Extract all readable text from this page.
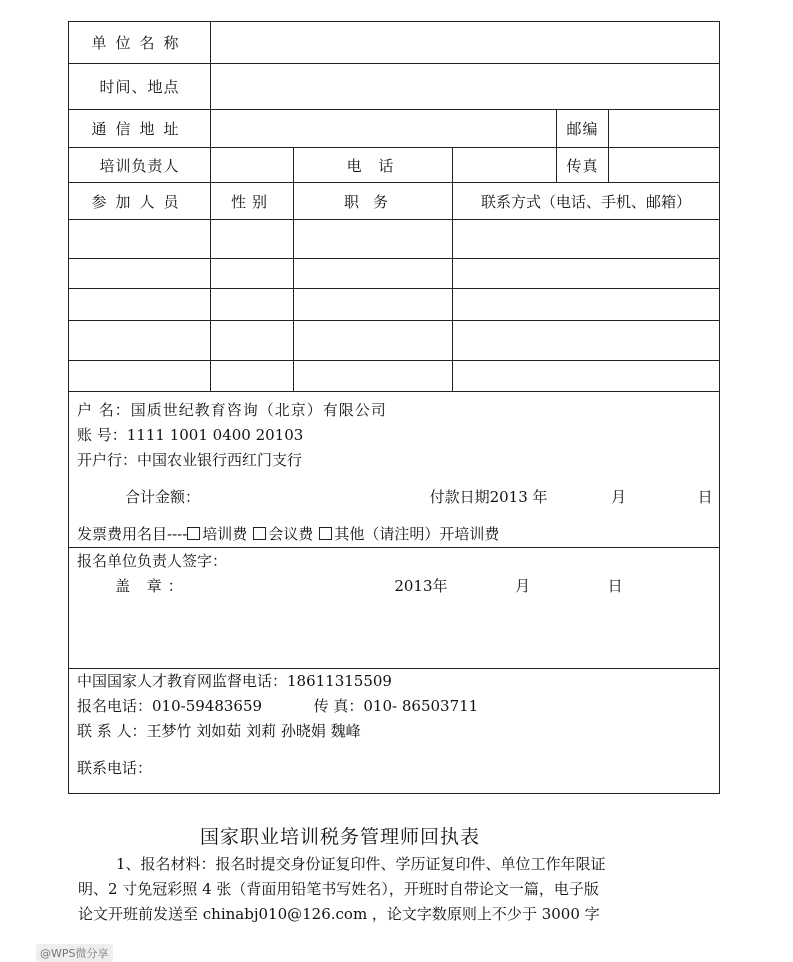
单位名称					
时间、地点					
通信地址				邮编	
培训负责人		电 话		传真	
参加人员	性别	职务	联系方式（电话、手机、邮箱）		

户 名：国质世纪教育咨询（北京）有限公司
账 号：1111 1001 0400 20103
开户行：中国农业银行西红门支行
合计金额： 付款日期2013 年 月 日
发票费用名目---- 培训费 会议费 其他（请注明）开培训费					

报名单位负责人签字：
盖 章： 2013年 月 日					

中国国家人才教育网监督电话：18611315509
报名电话：010-59483659 传 真：010- 86503711
联 系 人：王梦竹 刘如茹 刘莉 孙晓娟 魏峰
联系电话：					
国家职业培训税务管理师回执表
1、报名材料：报名时提交身份证复印件、学历证复印件、单位工作年限证
明、2 寸免冠彩照 4 张（背面用铅笔书写姓名），开班时自带论文一篇，电子版
论文开班前发送至 chinabj010@126.com ，论文字数原则上不少于 3000 字
@WPS微分享
